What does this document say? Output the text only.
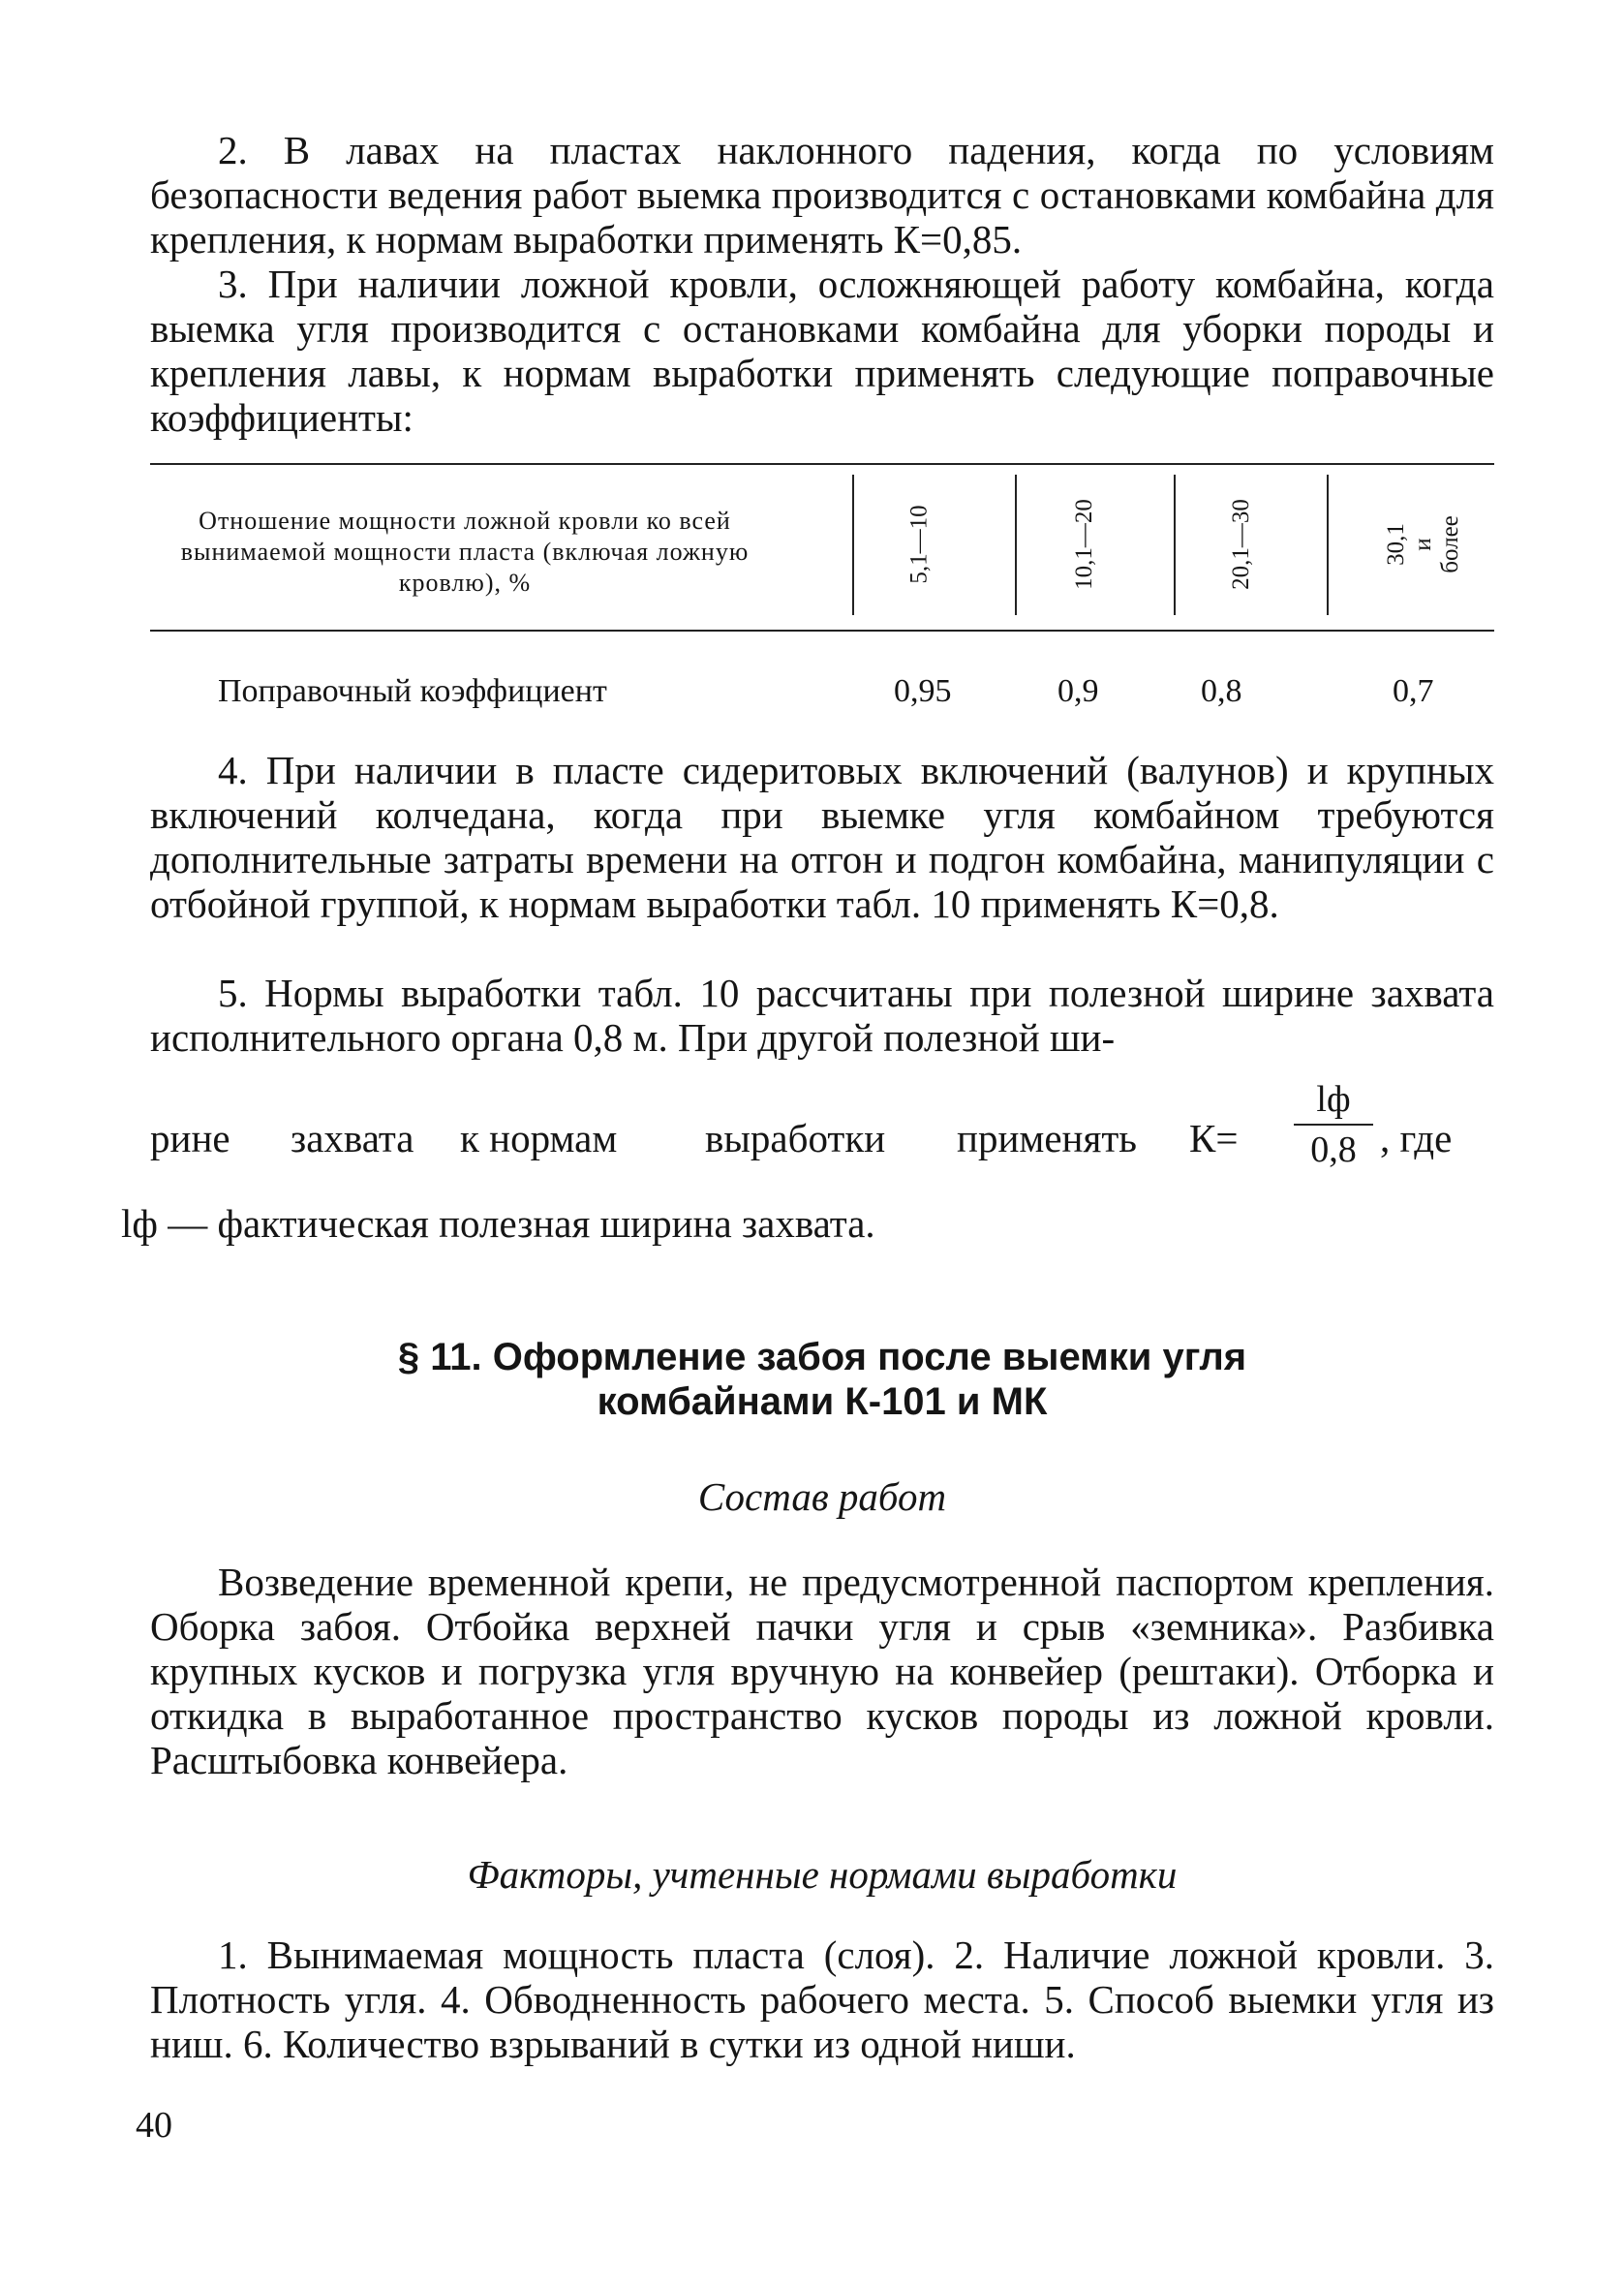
2. В лавах на пластах наклонного падения, когда по условиям безопасности ведения работ выемка производится с остановками комбайна для крепления, к нормам выработки применять К=0,85.

3. При наличии ложной кровли, осложняющей работу комбайна, когда выемка угля производится с остановками комбайна для уборки породы и крепления лавы, к нормам выработки применять следующие поправочные коэффициенты:

Отношение мощности ложной кровли ко всей вынимаемой мощности пласта (включая ложную кровлю), %	5,1—10	10,1—20	20,1—30	30,1 и более
Поправочный коэффициент	0,95	0,9	0,8	0,7

4. При наличии в пласте сидеритовых включений (валунов) и крупных включений колчедана, когда при выемке угля комбайном требуются дополнительные затраты времени на отгон и подгон комбайна, манипуляции с отбойной группой, к нормам выработки табл. 10 применять К=0,8.

5. Нормы выработки табл. 10 рассчитаны при полезной ширине захвата исполнительного органа 0,8 м. При другой полезной ши-

рине захвата к нормам выработки применять К=
lф
0,8 , где
lф — фактическая полезная ширина захвата.
§ 11. Оформление забоя после выемки угля
комбайнами К-101 и МК
Состав работ

Возведение временной крепи, не предусмотренной паспортом крепления. Оборка забоя. Отбойка верхней пачки угля и срыв «земника». Разбивка крупных кусков и погрузка угля вручную на конвейер (рештаки). Отборка и откидка в выработанное пространство кусков породы из ложной кровли. Расштыбовка конвейера.

Факторы, учтенные нормами выработки

1. Вынимаемая мощность пласта (слоя). 2. Наличие ложной кровли. 3. Плотность угля. 4. Обводненность рабочего места. 5. Способ выемки угля из ниш. 6. Количество взрываний в сутки из одной ниши.

40
